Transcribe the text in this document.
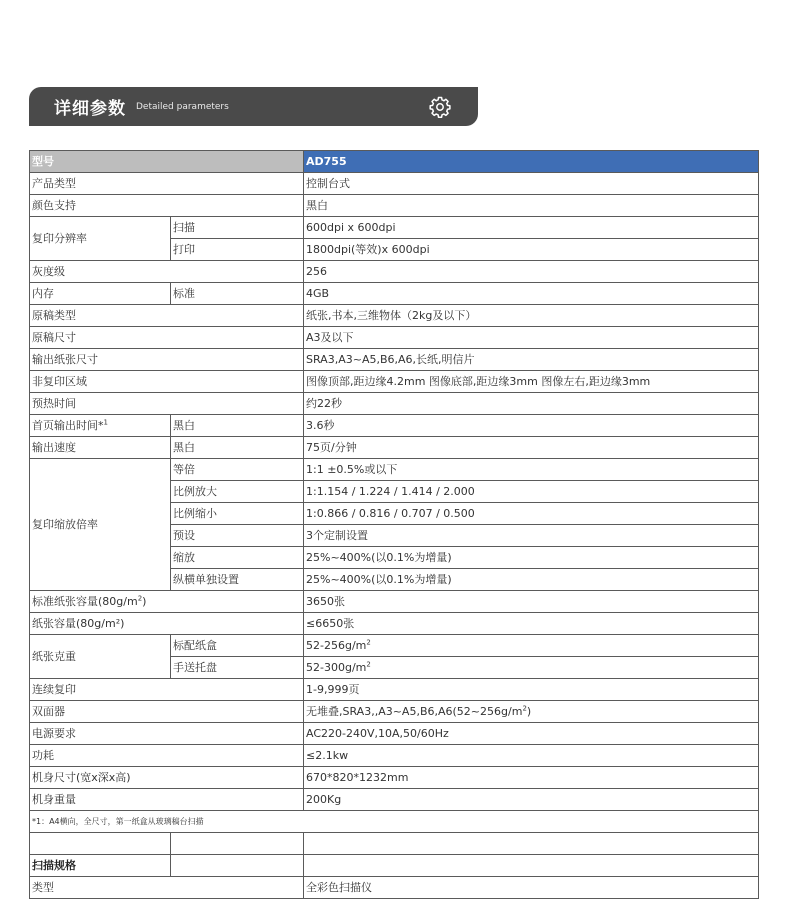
详细参数 Detailed parameters
型号		AD755
产品类型		控制台式
颜色支持		黑白
复印分辨率	扫描	600dpi x 600dpi
	打印	1800dpi(等效)x 600dpi
灰度级		256
内存	标准	4GB
原稿类型		纸张,书本,三维物体（2kg及以下）
原稿尺寸		A3及以下
输出纸张尺寸		SRA3,A3~A5,B6,A6,长纸,明信片
非复印区域		图像顶部,距边缘4.2mm 图像底部,距边缘3mm 图像左右,距边缘3mm
预热时间		约22秒
首页输出时间*$^1$	黑白	3.6秒
输出速度	黑白	75页/分钟
复印缩放倍率	等倍	1:1 ±0.5%或以下
	比例放大	1:1.154 / 1.224 / 1.414 / 2.000
	比例缩小	1:0.866 / 0.816 / 0.707 / 0.500
	预设	3个定制设置
	缩放	25%~400%(以0.1%为增量)
	纵横单独设置	25%~400%(以0.1%为增量)
标准纸张容量$(80g/m^2)$		3650张
纸张容量(80g/m²)		≤6650张
纸张克重	标配纸盒	$52-256g/m^2$
	手送托盘	$52-300g/m^2$
连续复印		1-9,999页
双面器		无堆叠$,SRA3,,A3\sim A5,B6,A6(52\sim 256g/m^2)$
电源要求		AC220-240V,10A,50/60Hz
功耗		≤2.1kw
机身尺寸(宽x深x高)		670*820*1232mm
机身重量		200Kg
*1：A4横向，全尺寸，第一纸盒从玻璃稿台扫描		

扫描规格		
类型		全彩色扫描仪
